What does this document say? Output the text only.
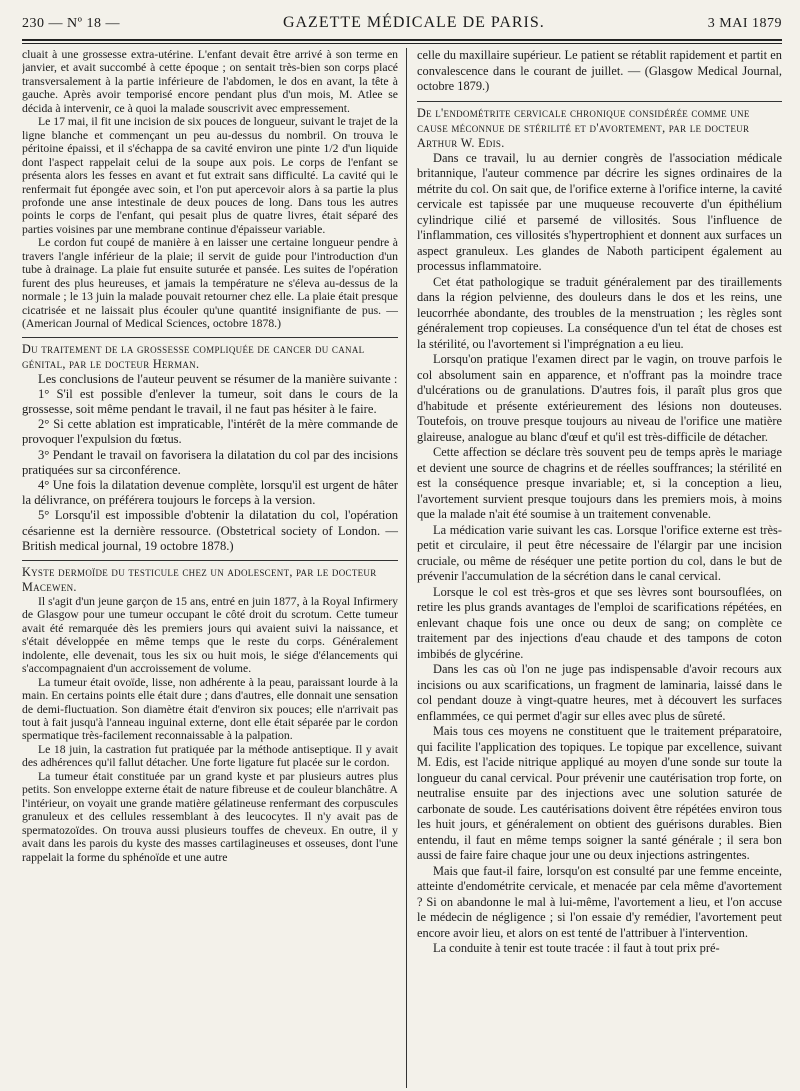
230 — Nº 18 —	GAZETTE MÉDICALE DE PARIS.	3 MAI 1879

cluait à une grossesse extra-utérine. L'enfant devait être arrivé à son terme en janvier, et avait succombé à cette époque ; on sentait très-bien son corps placé transversalement à la partie inférieure de l'abdomen, le dos en avant, la tête à gauche. Après avoir temporisé encore pendant plus d'un mois, M. Atlee se décida à intervenir, ce à quoi la malade souscrivit avec empressement.

Le 17 mai, il fit une incision de six pouces de longueur, suivant le trajet de la ligne blanche et commençant un peu au-dessus du nombril. On trouva le péritoine épaissi, et il s'échappa de sa cavité environ une pinte 1/2 d'un liquide dont l'aspect rappelait celui de la soupe aux pois. Le corps de l'enfant se présenta alors les fesses en avant et fut extrait sans difficulté. La cavité qui le renfermait fut épongée avec soin, et l'on put apercevoir alors à sa partie la plus profonde une anse intestinale de deux pouces de long. Dans tous les autres points le corps de l'enfant, qui pesait plus de quatre livres, était séparé des parties voisines par une membrane continue d'épaisseur variable.

Le cordon fut coupé de manière à en laisser une certaine longueur pendre à travers l'angle inférieur de la plaie; il servit de guide pour l'introduction d'un tube à drainage. La plaie fut ensuite suturée et pansée. Les suites de l'opération furent des plus heureuses, et jamais la température ne s'éleva au-dessus de la normale ; le 13 juin la malade pouvait retourner chez elle. La plaie était presque cicatrisée et ne laissait plus écouler qu'une quantité insignifiante de pus. — (American Journal of Medical Sciences, octobre 1878.)

Du traitement de la grossesse compliquée de cancer du canal génital, par le docteur Herman.

Les conclusions de l'auteur peuvent se résumer de la manière suivante :

1° S'il est possible d'enlever la tumeur, soit dans le cours de la grossesse, soit même pendant le travail, il ne faut pas hésiter à le faire.

2° Si cette ablation est impraticable, l'intérêt de la mère commande de provoquer l'expulsion du fœtus.

3° Pendant le travail on favorisera la dilatation du col par des incisions pratiquées sur sa circonférence.

4° Une fois la dilatation devenue complète, lorsqu'il est urgent de hâter la délivrance, on préférera toujours le forceps à la version.

5° Lorsqu'il est impossible d'obtenir la dilatation du col, l'opération césarienne est la dernière ressource. (Obstetrical society of London. — British medical journal, 19 octobre 1878.)

Kyste dermoïde du testicule chez un adolescent, par le docteur Macewen.

Il s'agit d'un jeune garçon de 15 ans, entré en juin 1877, à la Royal Infirmery de Glasgow pour une tumeur occupant le côté droit du scrotum. Cette tumeur avait été remarquée dès les premiers jours qui avaient suivi la naissance, et s'était développée en même temps que le reste du corps. Généralement indolente, elle devenait, tous les six ou huit mois, le siége d'élancements qui s'accompagnaient d'un accroissement de volume.

La tumeur était ovoïde, lisse, non adhérente à la peau, paraissant lourde à la main. En certains points elle était dure ; dans d'autres, elle donnait une sensation de demi-fluctuation. Son diamètre était d'environ six pouces; elle n'arrivait pas tout à fait jusqu'à l'anneau inguinal externe, dont elle était séparée par le cordon spermatique très-facilement reconnaissable à la palpation.

Le 18 juin, la castration fut pratiquée par la méthode antiseptique. Il y avait des adhérences qu'il fallut détacher. Une forte ligature fut placée sur le cordon.

La tumeur était constituée par un grand kyste et par plusieurs autres plus petits. Son enveloppe externe était de nature fibreuse et de couleur blanchâtre. A l'intérieur, on voyait une grande matière gélatineuse renfermant des corpuscules granuleux et des cellules ressemblant à des leucocytes. Il n'y avait pas de spermatozoïdes. On trouva aussi plusieurs touffes de cheveux. En outre, il y avait dans les parois du kyste des masses cartilagineuses et osseuses, dont l'une rappelait la forme du sphénoïde et une autre

celle du maxillaire supérieur. Le patient se rétablit rapidement et partit en convalescence dans le courant de juillet. — (Glasgow Medical Journal, octobre 1879.)

De l'endométrite cervicale chronique considérée comme une cause méconnue de stérilité et d'avortement, par le docteur Arthur W. Edis.

Dans ce travail, lu au dernier congrès de l'association médicale britannique, l'auteur commence par décrire les signes ordinaires de la métrite du col. On sait que, de l'orifice externe à l'orifice interne, la cavité cervicale est tapissée par une muqueuse recouverte d'un épithélium cylindrique cilié et parsemé de villosités. Sous l'influence de l'inflammation, ces villosités s'hypertrophient et donnent aux surfaces un aspect granuleux. Les glandes de Naboth participent également au processus inflammatoire.

Cet état pathologique se traduit généralement par des tiraillements dans la région pelvienne, des douleurs dans le dos et les reins, une leucorrhée abondante, des troubles de la menstruation ; les règles sont généralement trop copieuses. La conséquence d'un tel état de choses est la stérilité, ou l'avortement si l'imprégnation a eu lieu.

Lorsqu'on pratique l'examen direct par le vagin, on trouve parfois le col absolument sain en apparence, et n'offrant pas la moindre trace d'ulcérations ou de granulations. D'autres fois, il paraît plus gros que d'habitude et présente extérieurement des lésions non douteuses. Toutefois, on trouve presque toujours au niveau de l'orifice une matière glaireuse, analogue au blanc d'œuf et qu'il est très-difficile de détacher.

Cette affection se déclare très souvent peu de temps après le mariage et devient une source de chagrins et de réelles souffrances; la stérilité en est la conséquence presque invariable; et, si la conception a lieu, l'avortement survient presque toujours dans les premiers mois, à moins que la malade n'ait été soumise à un traitement convenable.

La médication varie suivant les cas. Lorsque l'orifice externe est très-petit et circulaire, il peut être nécessaire de l'élargir par une incision cruciale, ou même de réséquer une petite portion du col, dans le but de prévenir l'accumulation de la sécrétion dans le canal cervical.

Lorsque le col est très-gros et que ses lèvres sont boursouflées, on retire les plus grands avantages de l'emploi de scarifications répétées, en enlevant chaque fois une once ou deux de sang; on complète ce traitement par des injections d'eau chaude et des tampons de coton imbibés de glycérine.

Dans les cas où l'on ne juge pas indispensable d'avoir recours aux incisions ou aux scarifications, un fragment de laminaria, laissé dans le col pendant douze à vingt-quatre heures, met à découvert les surfaces enflammées, ce qui permet d'agir sur elles avec plus de sûreté.

Mais tous ces moyens ne constituent que le traitement préparatoire, qui facilite l'application des topiques. Le topique par excellence, suivant M. Edis, est l'acide nitrique appliqué au moyen d'une sonde sur toute la longueur du canal cervical. Pour prévenir une cautérisation trop forte, on neutralise ensuite par des injections avec une solution saturée de carbonate de soude. Les cautérisations doivent être répétées environ tous les huit jours, et généralement on obtient des guérisons durables. Bien entendu, il faut en même temps soigner la santé générale ; il sera bon aussi de faire faire chaque jour une ou deux injections astringentes.

Mais que faut-il faire, lorsqu'on est consulté par une femme enceinte, atteinte d'endométrite cervicale, et menacée par cela même d'avortement ? Si on abandonne le mal à lui-même, l'avortement a lieu, et l'on accuse le médecin de négligence ; si l'on essaie d'y remédier, l'avortement peut encore avoir lieu, et alors on est tenté de l'attribuer à l'intervention.

La conduite à tenir est toute tracée : il faut à tout prix pré-
